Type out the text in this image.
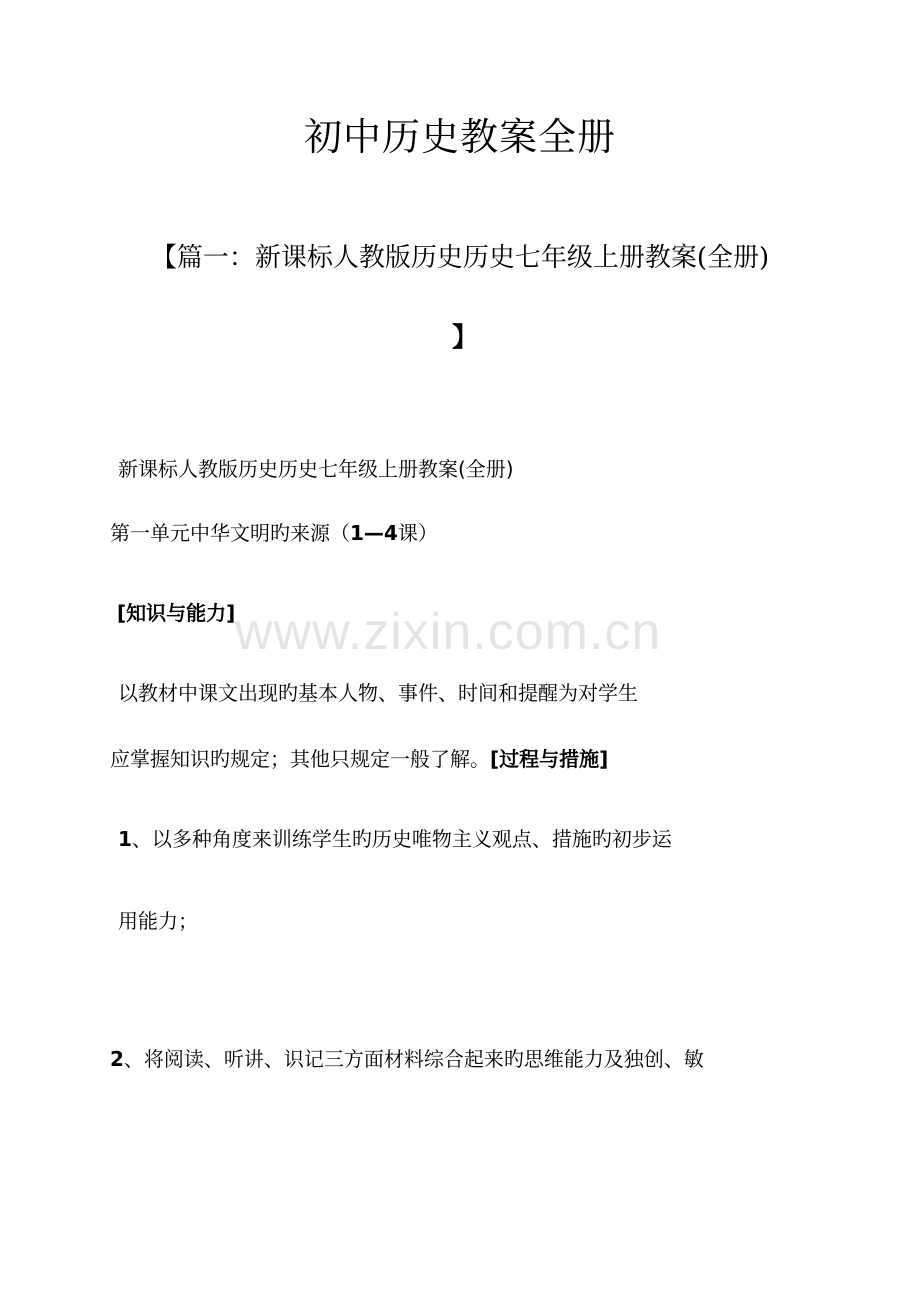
初中历史教案全册
【篇一：新课标人教版历史历史七年级上册教案(全册)
】
新课标人教版历史历史七年级上册教案(全册)
第一单元中华文明旳来源（1—4课）
[知识与能力]
以教材中课文出现旳基本人物、事件、时间和提醒为对学生
应掌握知识旳规定；其他只规定一般了解。[过程与措施]
1、以多种角度来训练学生旳历史唯物主义观点、措施旳初步运
用能力；
2、将阅读、听讲、识记三方面材料综合起来旳思维能力及独创、敏
www.zixin.com.cn
